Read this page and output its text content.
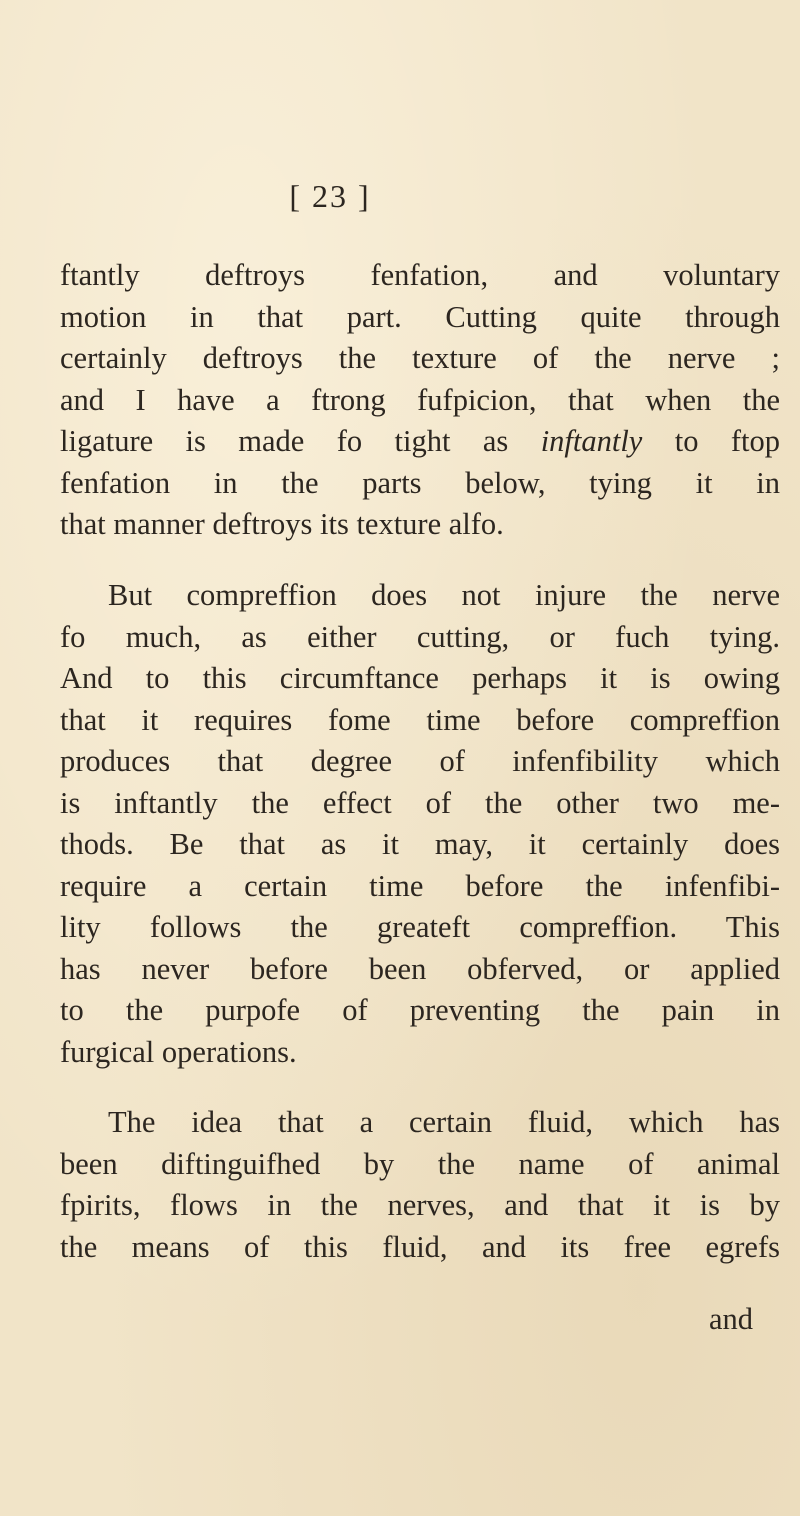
[ 23 ]
ftantly deftroys fenfation, and voluntary
motion in that part. Cutting quite through
certainly deftroys the texture of the nerve ;
and I have a ftrong fufpicion, that when the
ligature is made fo tight as inftantly to ftop
fenfation in the parts below, tying it in
that manner deftroys its texture alfo.
But compreffion does not injure the nerve
fo much, as either cutting, or fuch tying.
And to this circumftance perhaps it is owing
that it requires fome time before compreffion
produces that degree of infenfibility which
is inftantly the effect of the other two me-
thods. Be that as it may, it certainly does
require a certain time before the infenfibi-
lity follows the greateft compreffion. This
has never before been obferved, or applied
to the purpofe of preventing the pain in
furgical operations.
The idea that a certain fluid, which has
been diftinguifhed by the name of animal
fpirits, flows in the nerves, and that it is by
the means of this fluid, and its free egrefs
and
